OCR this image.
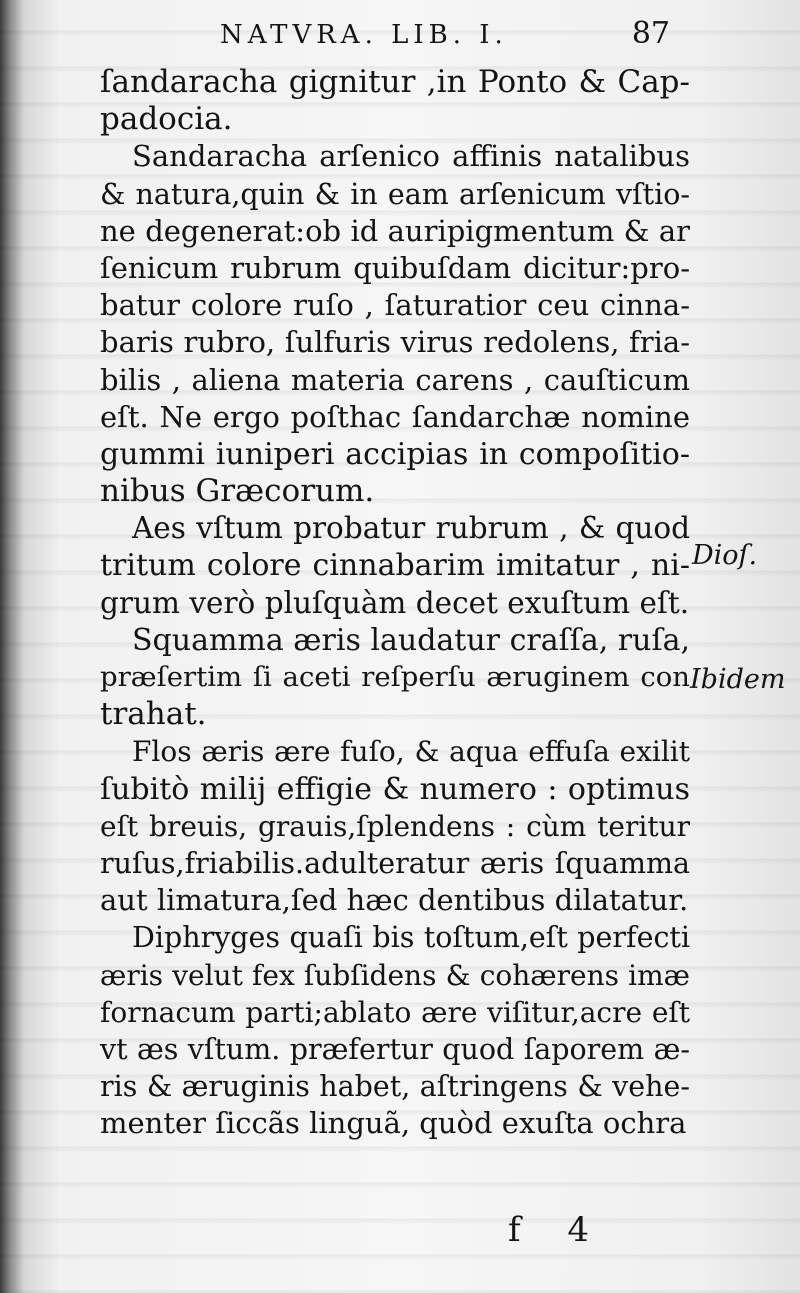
NATVRA. LIB. I.	87
ſandaracha gignitur ,in Ponto & Cap-
padocia.
Sandaracha arſenico affinis natalibus
& natura,quin & in eam arſenicum vſtio-
ne degenerat:ob id auripigmentum & ar
ſenicum rubrum quibuſdam dicitur:pro-
batur colore ruſo , ſaturatior ceu cinna-
baris rubro, ſulfuris virus redolens, fria-
bilis , aliena materia carens , cauſticum
eſt. Ne ergo poſthac ſandarchæ nomine
gummi iuniperi accipias in compoſitio-
nibus Græcorum.
Aes vſtum probatur rubrum , & quod
tritum colore cinnabarim imitatur , ni-
grum verò pluſquàm decet exuſtum eſt.
Squamma æris laudatur craſſa, ruſa,
præſertim ſi aceti reſperſu æruginem con
trahat.
Flos æris ære fuſo, & aqua effuſa exilit
ſubitò milij effigie & numero : optimus
eſt breuis, grauis,ſplendens : cùm teritur
ruſus,friabilis.adulteratur æris ſquamma
aut limatura,ſed hæc dentibus dilatatur.
Diphryges quaſi bis toſtum,eſt perfecti
æris velut fex ſubſidens & cohærens imæ
fornacum parti;ablato ære viſitur,acre eſt
vt æs vſtum. præfertur quod ſaporem æ-
ris & æruginis habet, aſtringens & vehe-
menter ſiccãs linguã, quòd exuſta ochra
Dioſ.
Ibidem
f 4
